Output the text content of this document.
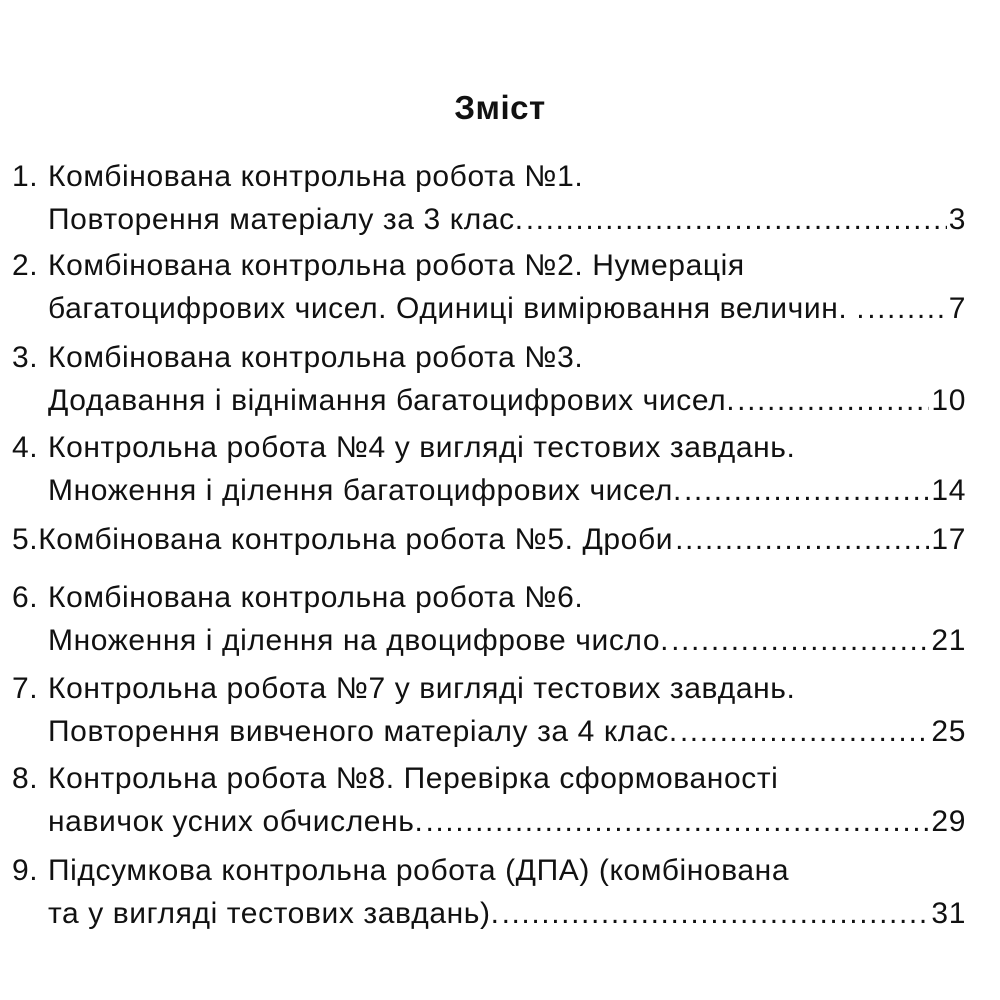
Зміст
1. Комбінована контрольна робота №1.
Повторення матеріалу за 3 клас. .....	3
2. Комбінована контрольна робота №2. Нумерація
багатоцифрових чисел. Одиниці вимірювання величин. . .....	7
3. Комбінована контрольна робота №3.
Додавання і віднімання багатоцифрових чисел. .....	10
4. Контрольна робота №4 у вигляді тестових завдань.
Множення і ділення багатоцифрових чисел. .....	14
5. Комбінована контрольна робота №5. Дроби .....	17
6. Комбінована контрольна робота №6.
Множення і ділення на двоцифрове число. .....	21
7. Контрольна робота №7 у вигляді тестових завдань.
Повторення вивченого матеріалу за 4 клас. .....	25
8. Контрольна робота №8. Перевірка сформованості
навичок усних обчислень. .....	29
9. Підсумкова контрольна робота (ДПА) (комбінована
та у вигляді тестових завдань). .....	31
